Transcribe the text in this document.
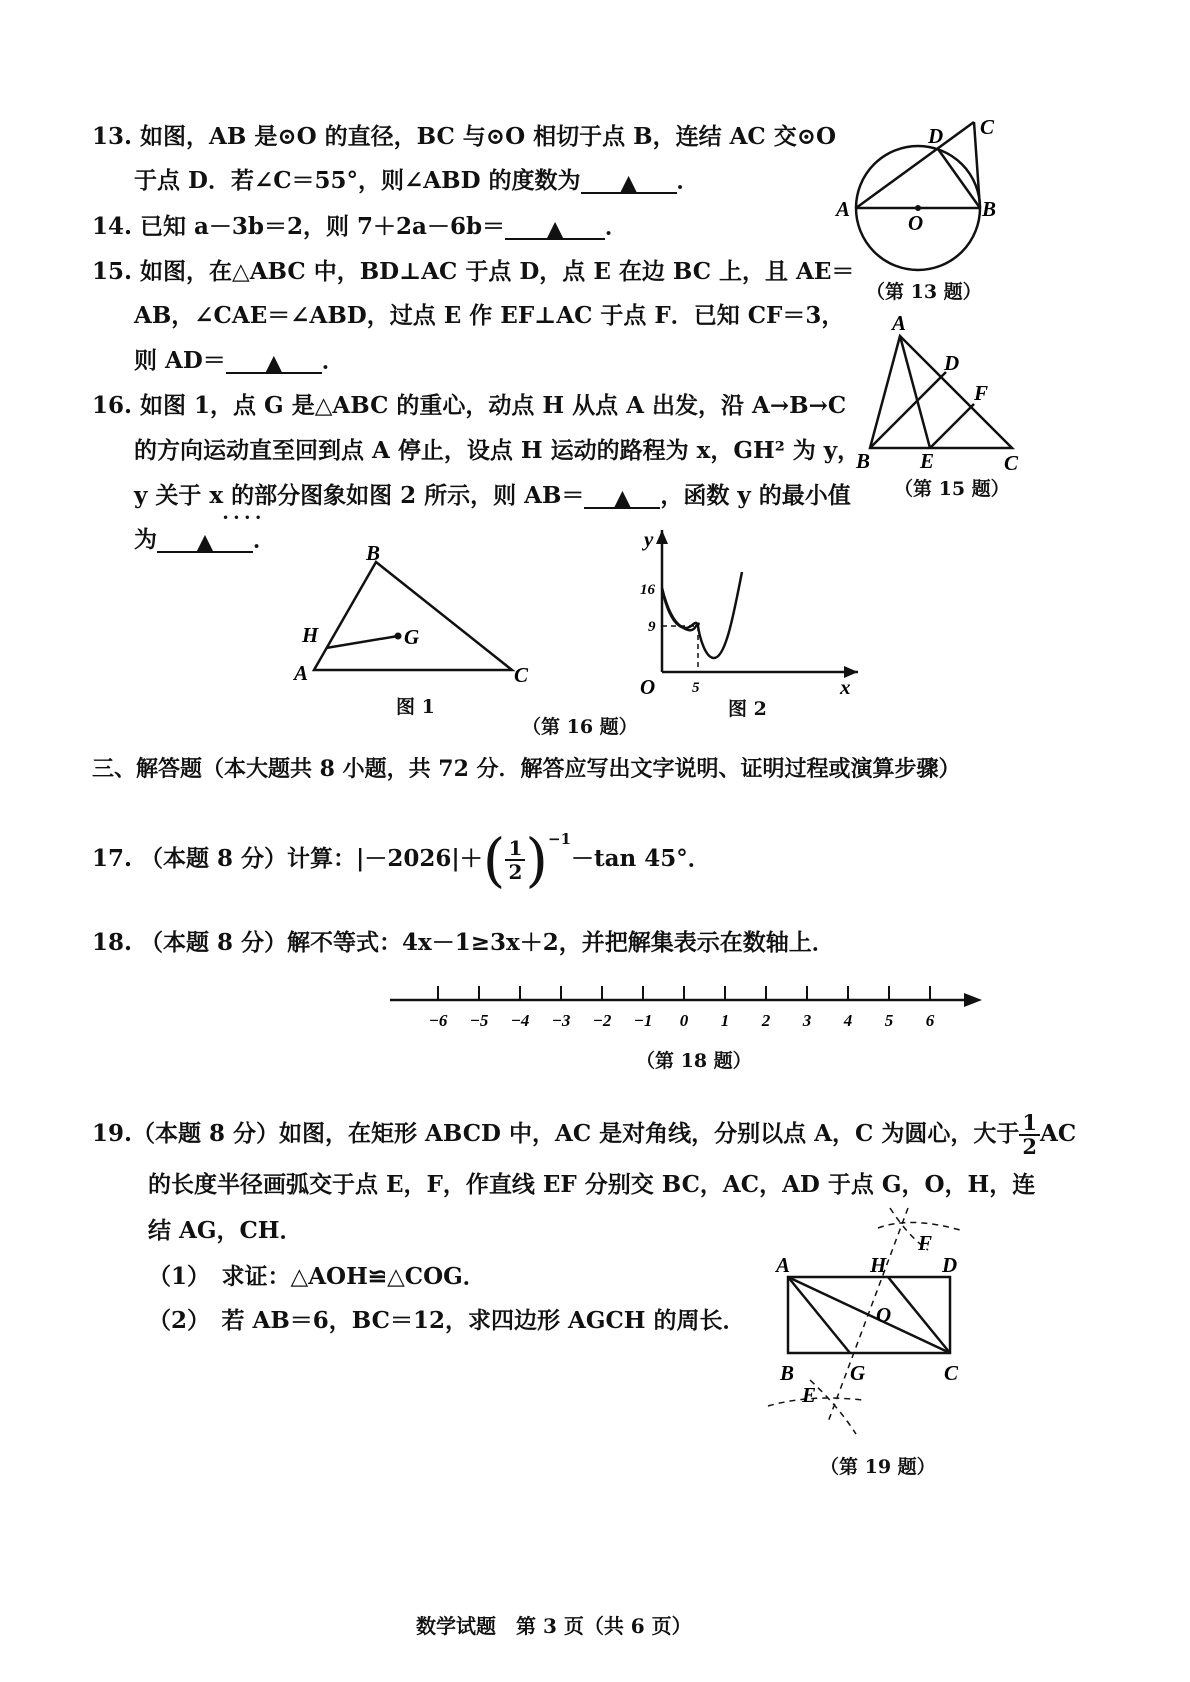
13. 如图，AB 是⊙O 的直径，BC 与⊙O 相切于点 B，连结 AC 交⊙O
于点 D．若∠C＝55°，则∠ABD 的度数为 ▲ ．
A	B
C
D
O
（第 13 题）
14. 已知 a－3b＝2，则 7＋2a－6b＝ ▲ ．
15. 如图，在△ABC 中，BD⊥AC 于点 D，点 E 在边 BC 上，且 AE＝
AB，∠CAE＝∠ABD，过点 E 作 EF⊥AC 于点 F．已知 CF＝3，
则 AD＝ ▲ ．
A
B	C
D
E
F
（第 15 题）
16. 如图 1，点 G 是△ABC 的重心，动点 H 从点 A 出发，沿 A→B→C
的方向运动直至回到点 A 停止，设点 H 运动的路程为 x，GH² 为 y，
y 关于 x 的部分图象如图 2 所示，则 AB＝ ▲ ，函数 y 的最小值
为 ▲ ．
• • • •
A
B
C
H	G
图 1
y
x
O
16
9
5
图 2
（第 16 题）
三、解答题（本大题共 8 小题，共 72 分．解答应写出文字说明、证明过程或演算步骤）
17. （本题 8 分）计算：$|-2026|+( \frac{1}{2} )^{-1}-\tan$ 45°．
18. （本题 8 分）解不等式：4x－1≥3x＋2，并把解集表示在数轴上．
−6 −5 −4 −3 −2 −1 0 1 2 3 4 5 6
（第 18 题）
19.（本题 8 分）如图，在矩形 ABCD 中，AC 是对角线，分别以点 A，C 为圆心，大于 $\frac{1}{2}$ AC
的长度半径画弧交于点 E，F，作直线 EF 分别交 BC，AC，AD 于点 G，O，H，连
结 AG，CH．
（1）　求证：△AOH≌△COG．
（2）　若 AB＝6，BC＝12，求四边形 AGCH 的周长．
A	D
B	C
H
G
O
F
E
（第 19 题）
数学试题　第 3 页（共 6 页）
